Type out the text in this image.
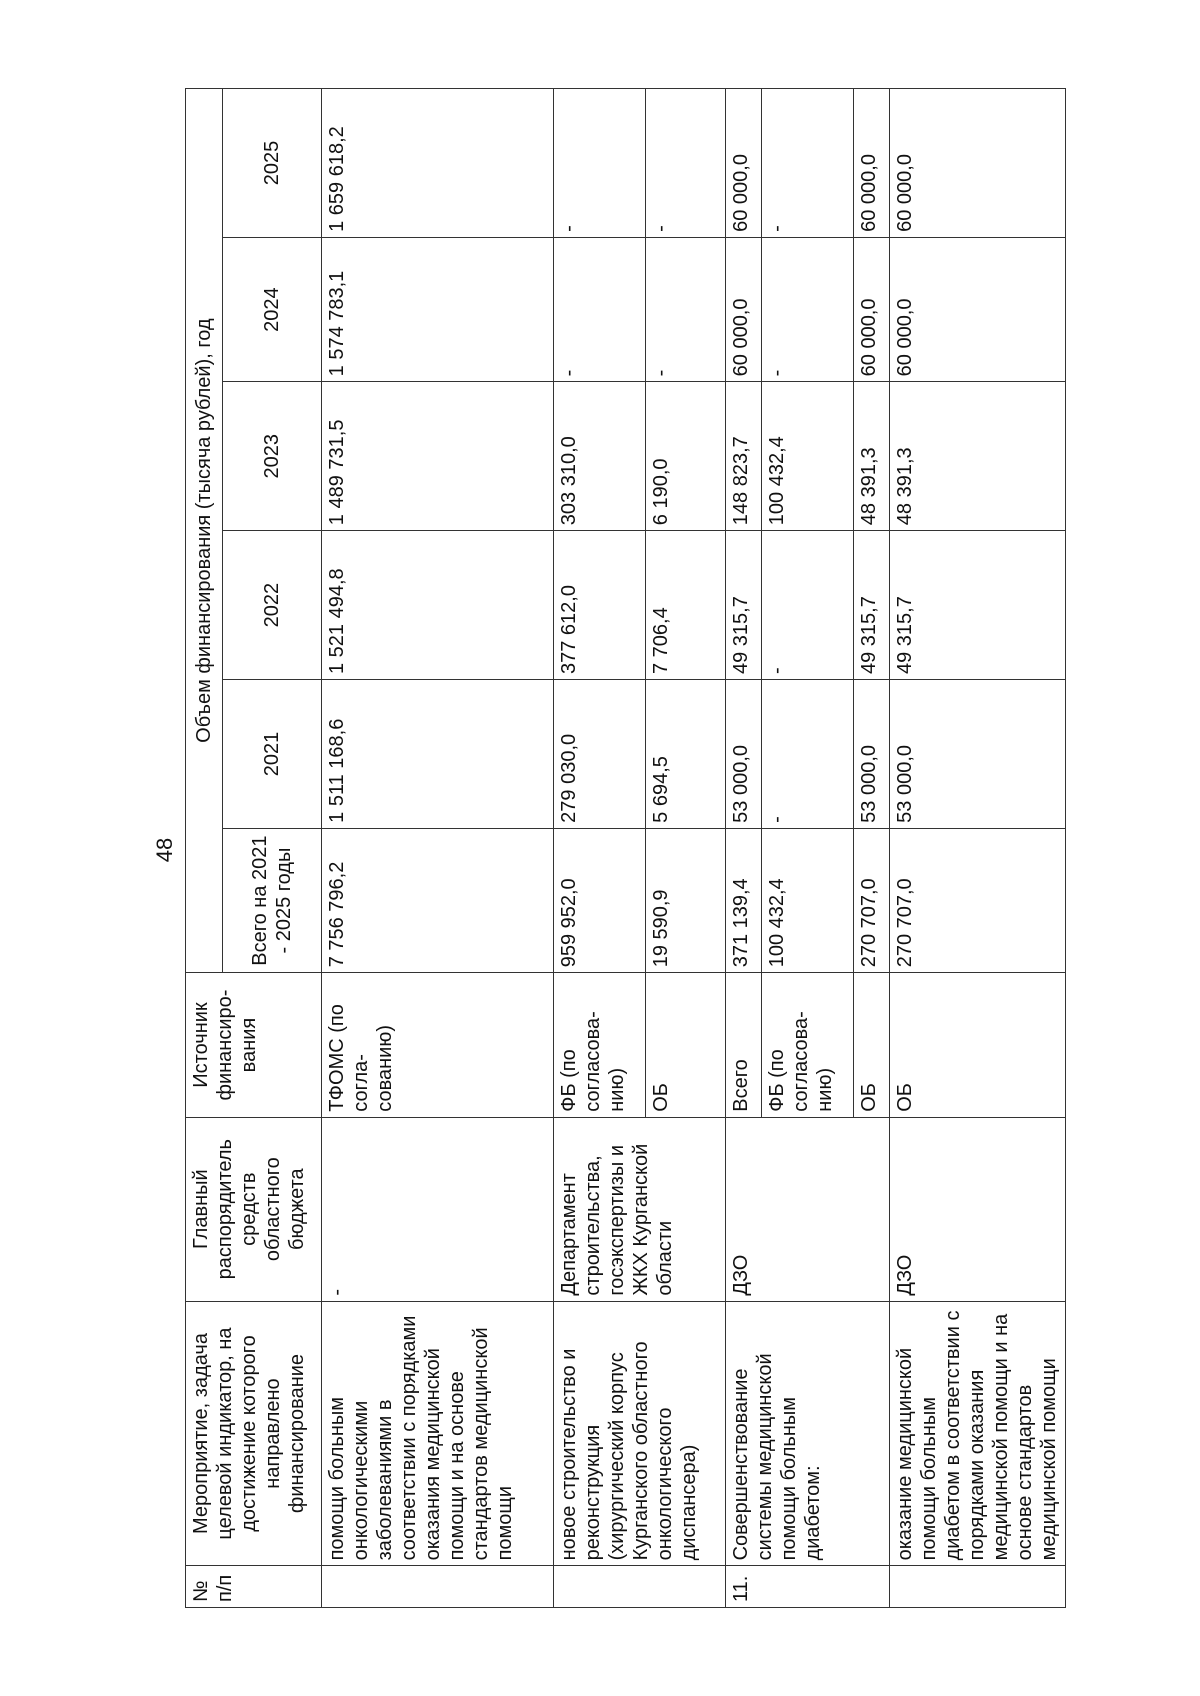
48
№ п/п	Мероприятие, задача целевой индикатор, на достижение которого направлено финансирование	Главный распорядитель средств областного бюджета	Источник финансиро-вания	Объем финансирования (тысяча рублей), год					
				Всего на 2021 - 2025 годы	2021	2022	2023	2024	2025
	помощи больным онкологическими заболеваниями в соответствии с порядками оказания медицинской помощи и на основе стандартов медицинской помощи	-	ТФОМС (по согла-сованию)	7 756 796,2	1 511 168,6	1 521 494,8	1 489 731,5	1 574 783,1	1 659 618,2
	новое строительство и реконструкция (хирургический корпус Курганского областного онкологического диспансера)	Департамент строительства, госэкспертизы и ЖКХ Курганской области	ФБ (по согласова-нию)	959 952,0	279 030,0	377 612,0	303 310,0	-	-
			ОБ	19 590,9	5 694,5	7 706,4	6 190,0	-	-
11.	Совершенствование системы медицинской помощи больным диабетом:	ДЗО	Всего	371 139,4	53 000,0	49 315,7	148 823,7	60 000,0	60 000,0
			ФБ (по согласова-нию)	100 432,4	-	-	100 432,4	-	-
			ОБ	270 707,0	53 000,0	49 315,7	48 391,3	60 000,0	60 000,0
	оказание медицинской помощи больным диабетом в соответствии с порядками оказания медицинской помощи и на основе стандартов медицинской помощи	ДЗО	ОБ	270 707,0	53 000,0	49 315,7	48 391,3	60 000,0	60 000,0
